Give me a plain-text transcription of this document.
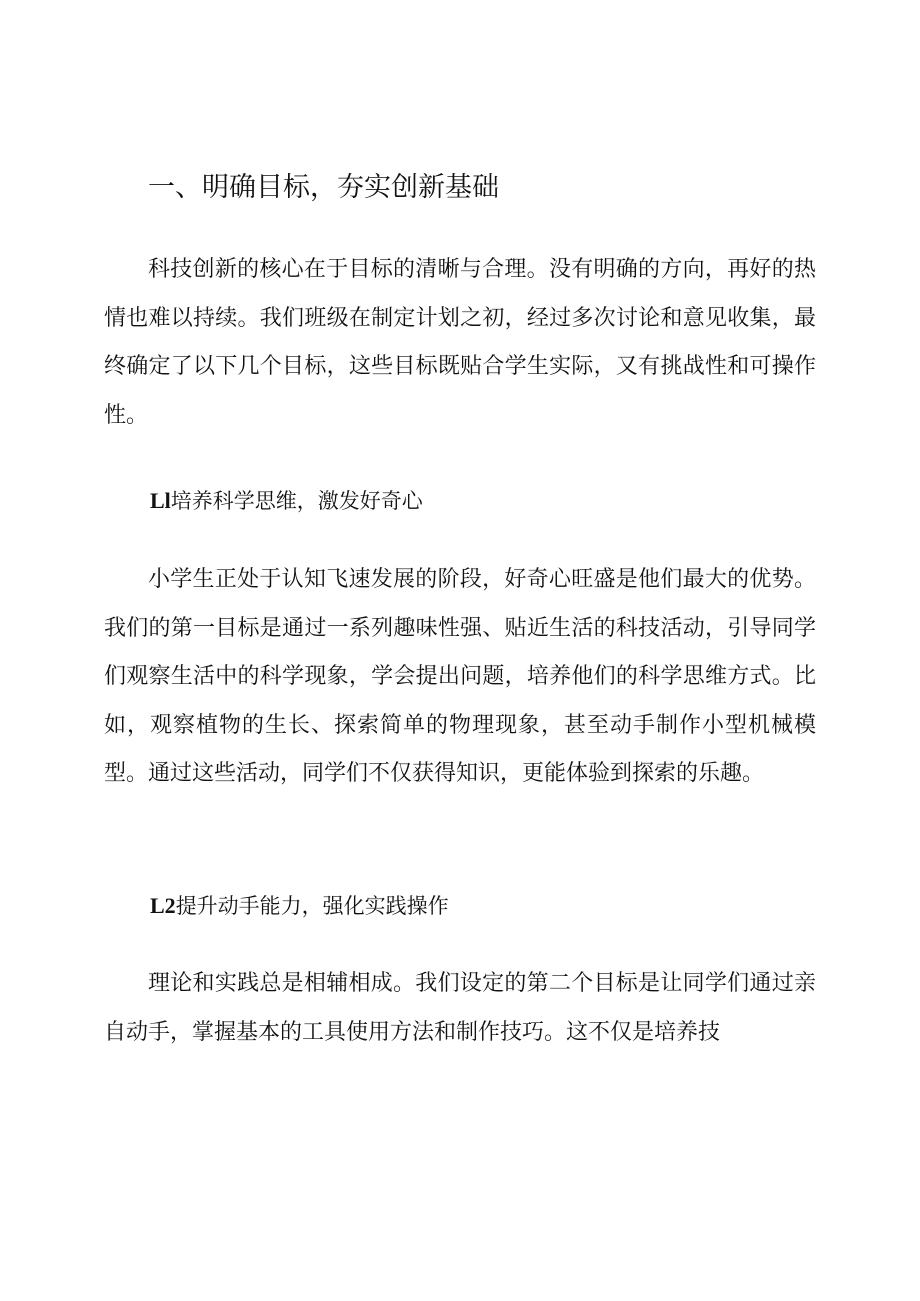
一、明确目标，夯实创新基础

科技创新的核心在于目标的清晰与合理。没有明确的方向，再好的热情也难以持续。我们班级在制定计划之初，经过多次讨论和意见收集，最终确定了以下几个目标，这些目标既贴合学生实际，又有挑战性和可操作性。

Ll培养科学思维，激发好奇心

小学生正处于认知飞速发展的阶段，好奇心旺盛是他们最大的优势。我们的第一目标是通过一系列趣味性强、贴近生活的科技活动，引导同学们观察生活中的科学现象，学会提出问题，培养他们的科学思维方式。比如，观察植物的生长、探索简单的物理现象，甚至动手制作小型机械模型。通过这些活动，同学们不仅获得知识，更能体验到探索的乐趣。

L2提升动手能力，强化实践操作

理论和实践总是相辅相成。我们设定的第二个目标是让同学们通过亲自动手，掌握基本的工具使用方法和制作技巧。这不仅是培养技
